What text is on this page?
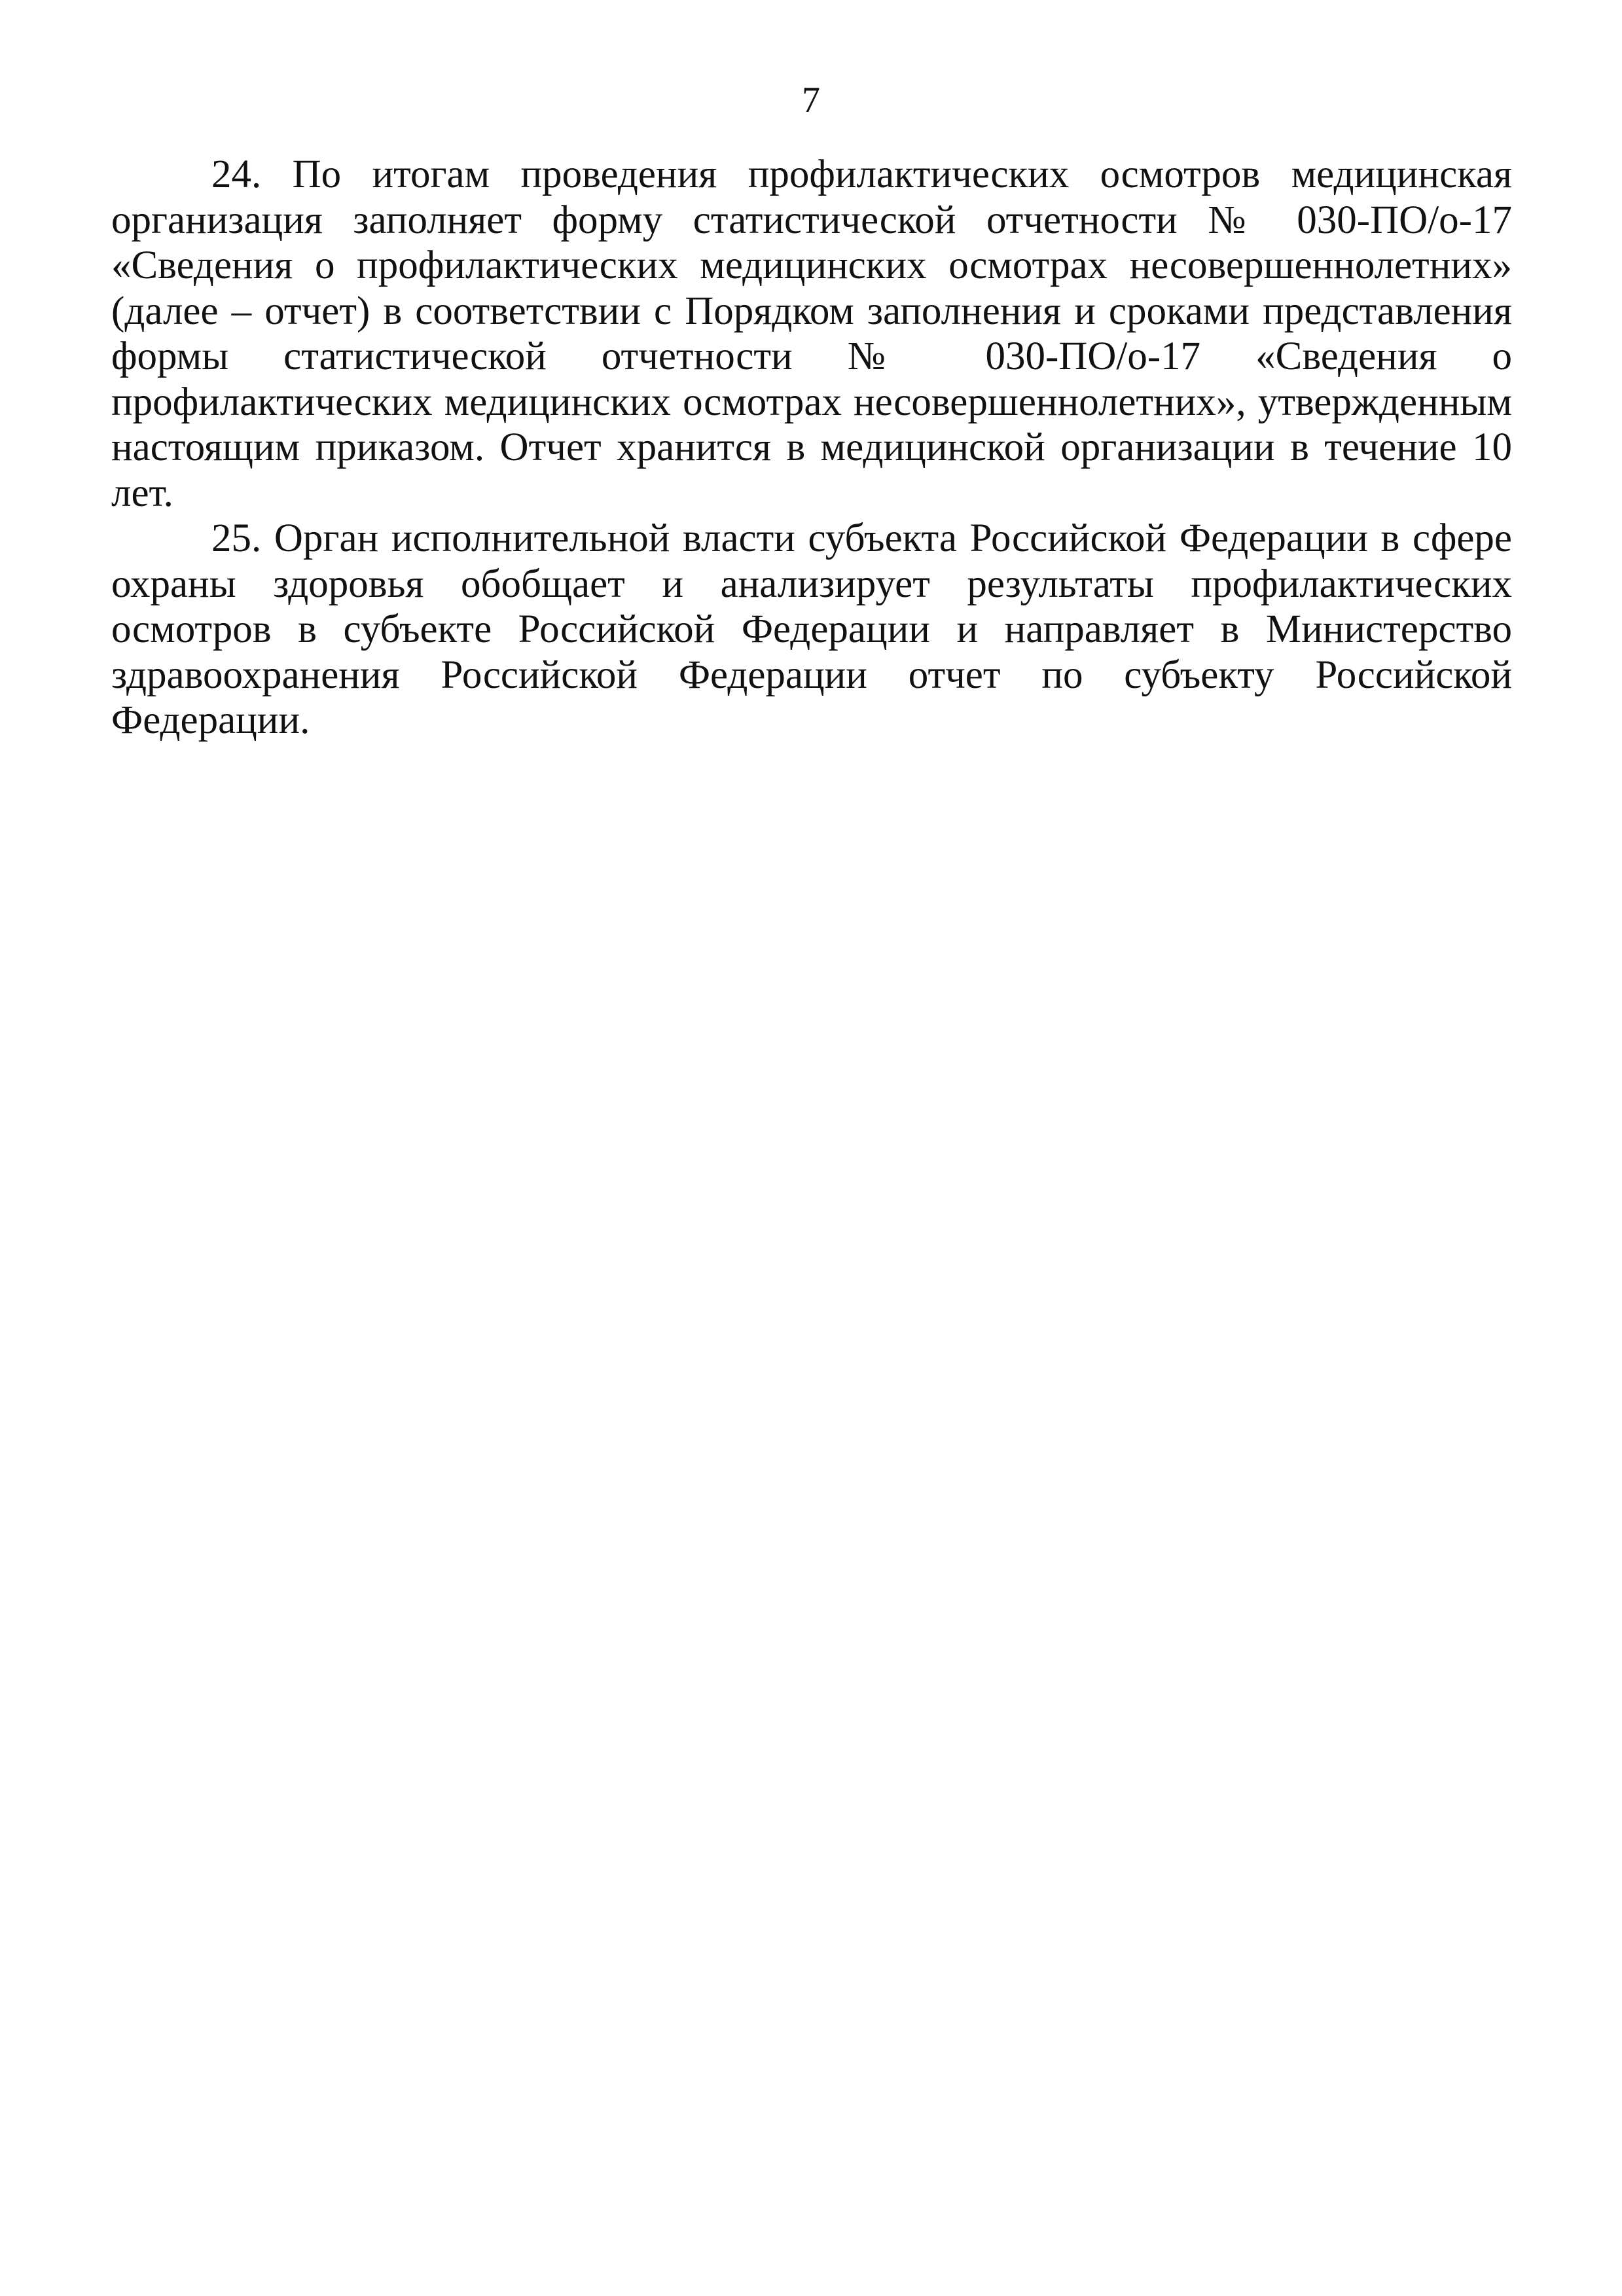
7

24. По итогам проведения профилактических осмотров медицинская организация заполняет форму статистической отчетности № 030-ПО/о-17 «Сведения о профилактических медицинских осмотрах несовершеннолетних» (далее – отчет) в соответствии с Порядком заполнения и сроками представления формы статистической отчетности № 030-ПО/о-17 «Сведения о профилактических медицинских осмотрах несовершеннолетних», утвержденным настоящим приказом. Отчет хранится в медицинской организации в течение 10 лет.

25. Орган исполнительной власти субъекта Российской Федерации в сфере охраны здоровья обобщает и анализирует результаты профилактических осмотров в субъекте Российской Федерации и направляет в Министерство здравоохранения Российской Федерации отчет по субъекту Российской Федерации.
